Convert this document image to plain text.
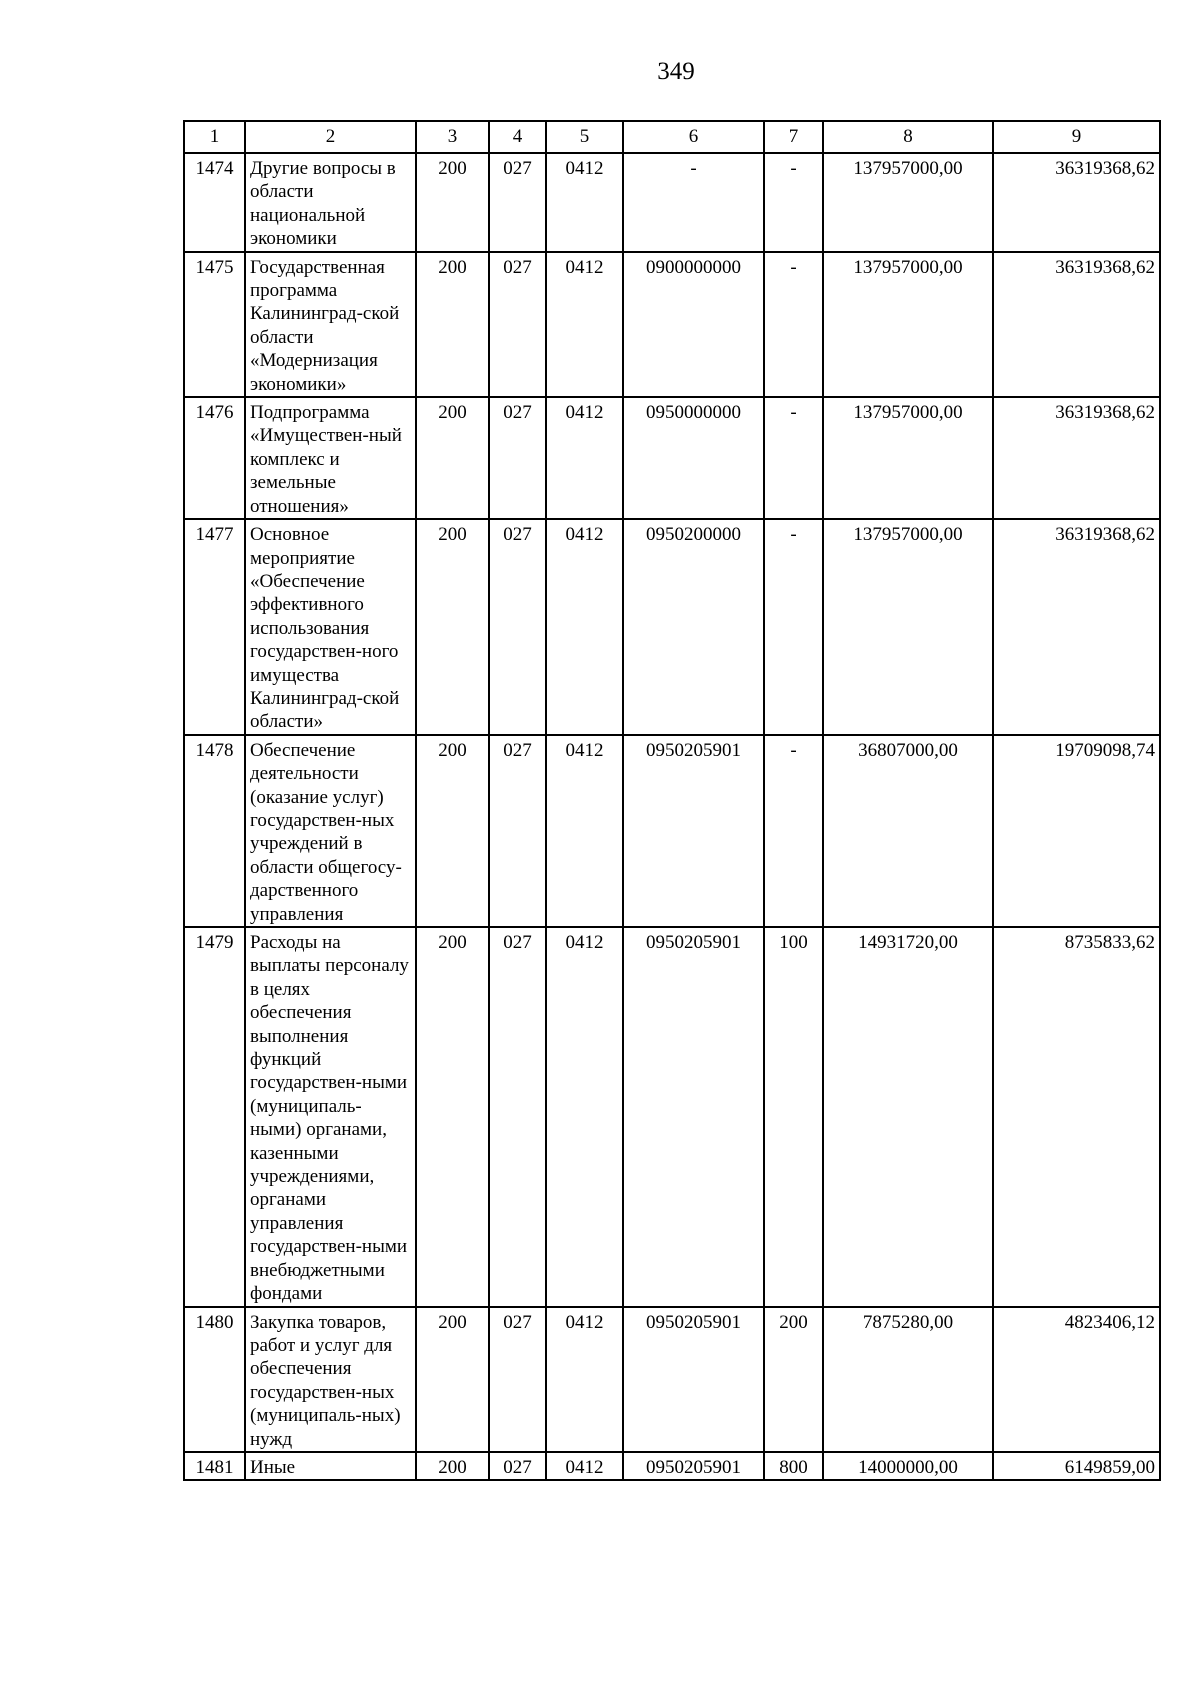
349
1	2	3	4	5	6	7	8	9
1474	Другие вопросы в области национальной экономики	200	027	0412	-	-	137957000,00	36319368,62
1475	Государственная программа Калининград-ской области «Модернизация экономики»	200	027	0412	0900000000	-	137957000,00	36319368,62
1476	Подпрограмма «Имуществен-ный комплекс и земельные отношения»	200	027	0412	0950000000	-	137957000,00	36319368,62
1477	Основное мероприятие «Обеспечение эффективного использования государствен-ного имущества Калининград-ской области»	200	027	0412	0950200000	-	137957000,00	36319368,62
1478	Обеспечение деятельности (оказание услуг) государствен-ных учреждений в области общегосу-дарственного управления	200	027	0412	0950205901	-	36807000,00	19709098,74
1479	Расходы на выплаты персоналу в целях обеспечения выполнения функций государствен-ными (муниципаль-ными) органами, казенными учреждениями, органами управления государствен-ными внебюджетными фондами	200	027	0412	0950205901	100	14931720,00	8735833,62
1480	Закупка товаров, работ и услуг для обеспечения государствен-ных (муниципаль-ных) нужд	200	027	0412	0950205901	200	7875280,00	4823406,12
1481	Иные	200	027	0412	0950205901	800	14000000,00	6149859,00
